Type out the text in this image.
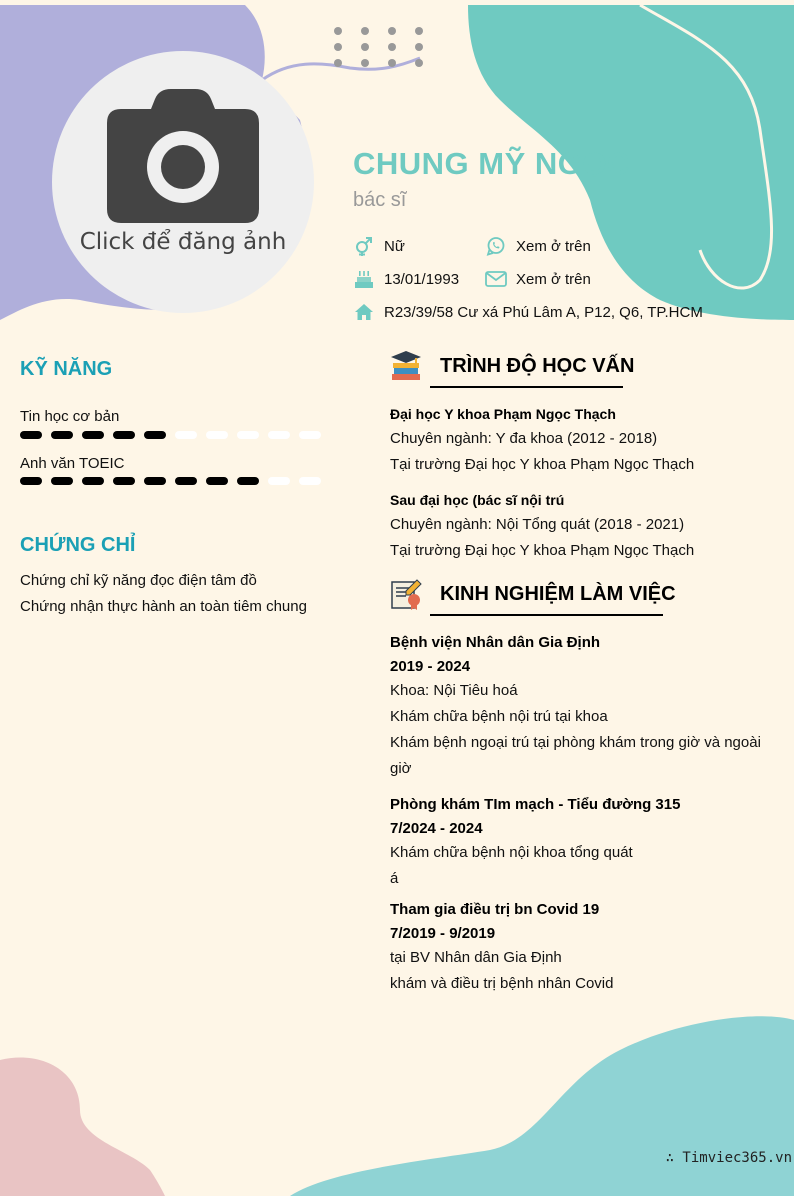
Click để đăng ảnh
CHUNG MỸ NGỌC
bác sĩ
Nữ	Xem ở trên
13/01/1993	Xem ở trên
R23/39/58 Cư xá Phú Lâm A, P12, Q6, TP.HCM
KỸ NĂNG
Tin học cơ bản
Anh văn TOEIC
CHỨNG CHỈ
Chứng chỉ kỹ năng đọc điện tâm đồ
Chứng nhận thực hành an toàn tiêm chung
TRÌNH ĐỘ HỌC VẤN
Đại học Y khoa Phạm Ngọc Thạch
Chuyên ngành: Y đa khoa (2012 - 2018)
Tại trường Đại học Y khoa Phạm Ngọc Thạch
Sau đại học (bác sĩ nội trú
Chuyên ngành: Nội Tổng quát (2018 - 2021)
Tại trường Đại học Y khoa Phạm Ngọc Thạch
KINH NGHIỆM LÀM VIỆC
Bệnh viện Nhân dân Gia Định
2019 - 2024
Khoa: Nội Tiêu hoá
Khám chữa bệnh nội trú tại khoa
Khám bệnh ngoại trú tại phòng khám trong giờ và ngoài
giờ
Phòng khám TIm mạch - Tiểu đường 315
7/2024 - 2024
Khám chữa bệnh nội khoa tổng quát
á
Tham gia điều trị bn Covid 19
7/2019 - 9/2019
tại BV Nhân dân Gia Định
khám và điều trị bệnh nhân Covid
∴ Timviec365.vn
